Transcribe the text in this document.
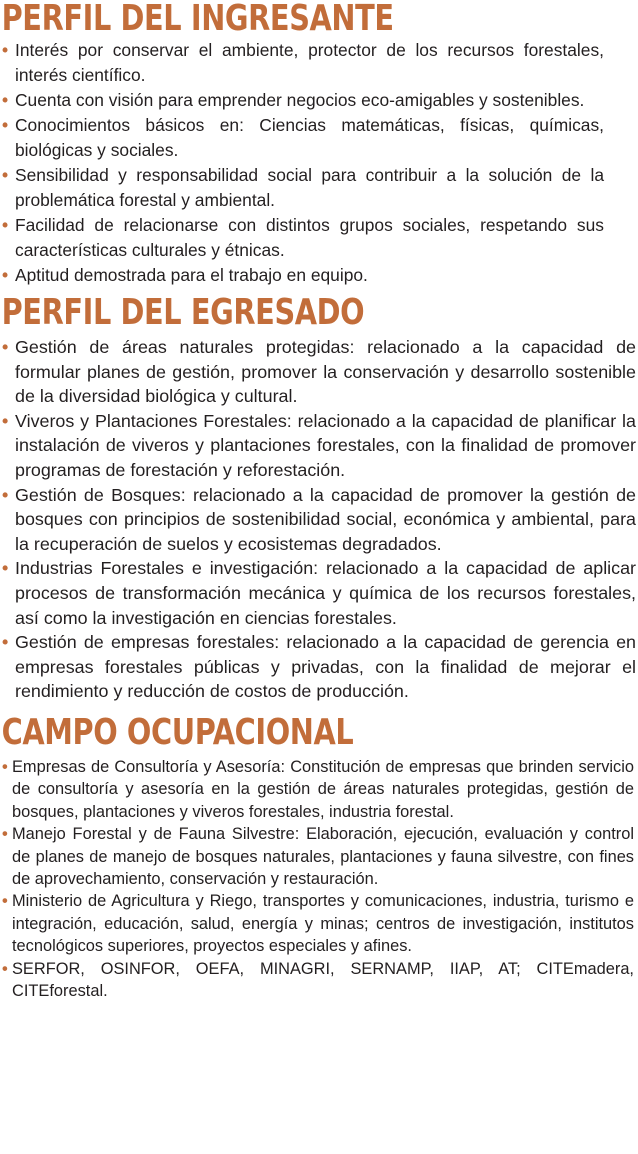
PERFIL DEL INGRESANTE
• Interés por conservar el ambiente, protector de los recursos forestales, interés científico.
• Cuenta con visión para emprender negocios eco-amigables y sostenibles.
• Conocimientos básicos en: Ciencias matemáticas, físicas, químicas, biológicas y sociales.
• Sensibilidad y responsabilidad social para contribuir a la solución de la problemática forestal y ambiental.
• Facilidad de relacionarse con distintos grupos sociales, respetando sus características culturales y étnicas.
• Aptitud demostrada para el trabajo en equipo.
PERFIL DEL EGRESADO
• Gestión de áreas naturales protegidas: relacionado a la capacidad de formular planes de gestión, promover la conservación y desarrollo sostenible de la diversidad biológica y cultural.
• Viveros y Plantaciones Forestales: relacionado a la capacidad de planificar la instalación de viveros y plantaciones forestales, con la finalidad de promover programas de forestación y reforestación.
• Gestión de Bosques: relacionado a la capacidad de promover la gestión de bosques con principios de sostenibilidad social, económica y ambiental, para la recuperación de suelos y ecosistemas degradados.
• Industrias Forestales e investigación: relacionado a la capacidad de aplicar procesos de transformación mecánica y química de los recursos forestales, así como la investigación en ciencias forestales.
• Gestión de empresas forestales: relacionado a la capacidad de gerencia en empresas forestales públicas y privadas, con la finalidad de mejorar el rendimiento y reducción de costos de producción.
CAMPO OCUPACIONAL
• Empresas de Consultoría y Asesoría: Constitución de empresas que brinden servicio de consultoría y asesoría en la gestión de áreas naturales protegidas, gestión de bosques, plantaciones y viveros forestales, industria forestal.
• Manejo Forestal y de Fauna Silvestre: Elaboración, ejecución, evaluación y control de planes de manejo de bosques naturales, plantaciones y fauna silvestre, con fines de aprovechamiento, conservación y restauración.
• Ministerio de Agricultura y Riego, transportes y comunicaciones, industria, turismo e integración, educación, salud, energía y minas; centros de investigación, institutos tecnológicos superiores, proyectos especiales y afines.
• SERFOR, OSINFOR, OEFA, MINAGRI, SERNAMP, IIAP, AT; CITEmadera, CITEforestal.
